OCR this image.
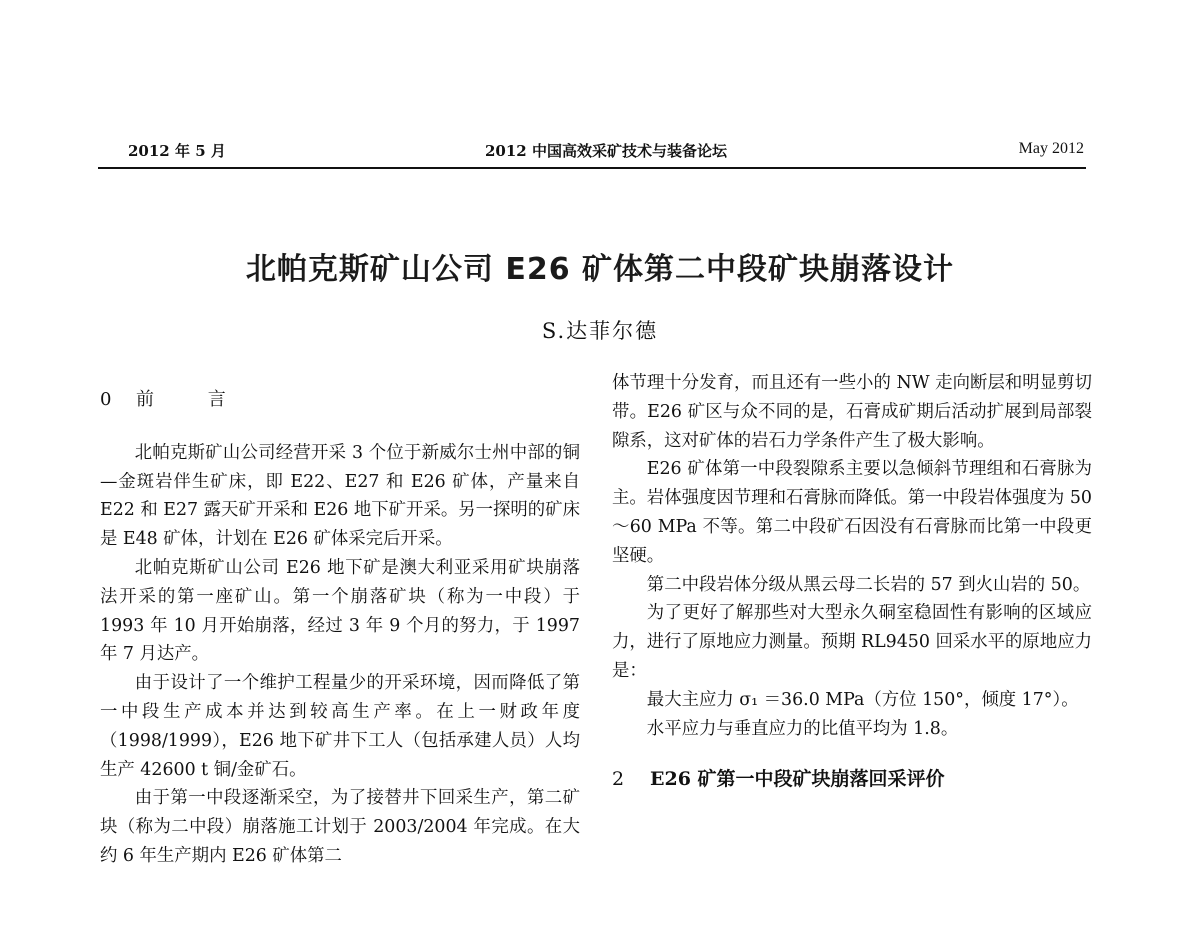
2012 年 5 月	2012 中国高效采矿技术与装备论坛	May 2012
北帕克斯矿山公司 E26 矿体第二中段矿块崩落设计
S.达菲尔德
0 前 言

北帕克斯矿山公司经营开采 3 个位于新威尔士州中部的铜—金斑岩伴生矿床，即 E22、E27 和 E26 矿体，产量来自 E22 和 E27 露天矿开采和 E26 地下矿开采。另一探明的矿床是 E48 矿体，计划在 E26 矿体采完后开采。

北帕克斯矿山公司 E26 地下矿是澳大利亚采用矿块崩落法开采的第一座矿山。第一个崩落矿块（称为一中段）于 1993 年 10 月开始崩落，经过 3 年 9 个月的努力，于 1997 年 7 月达产。

由于设计了一个维护工程量少的开采环境，因而降低了第一中段生产成本并达到较高生产率。在上一财政年度（1998/1999），E26 地下矿井下工人（包括承建人员）人均生产 42600 t 铜/金矿石。

由于第一中段逐渐采空，为了接替井下回采生产，第二矿块（称为二中段）崩落施工计划于 2003/2004 年完成。在大约 6 年生产期内 E26 矿体第二

体节理十分发育，而且还有一些小的 NW 走向断层和明显剪切带。E26 矿区与众不同的是，石膏成矿期后活动扩展到局部裂隙系，这对矿体的岩石力学条件产生了极大影响。

E26 矿体第一中段裂隙系主要以急倾斜节理组和石膏脉为主。岩体强度因节理和石膏脉而降低。第一中段岩体强度为 50～60 MPa 不等。第二中段矿石因没有石膏脉而比第一中段更坚硬。

第二中段岩体分级从黑云母二长岩的 57 到火山岩的 50。

为了更好了解那些对大型永久硐室稳固性有影响的区域应力，进行了原地应力测量。预期 RL9450 回采水平的原地应力是：

最大主应力 σ₁ ＝36.0 MPa（方位 150°，倾度 17°）。

水平应力与垂直应力的比值平均为 1.8。

2 E26 矿第一中段矿块崩落回采评价
